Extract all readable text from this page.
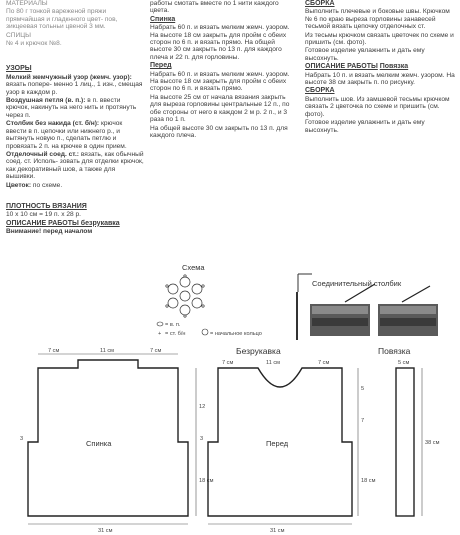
МАТЕРИАЛЫ

По 80 г тонкой вареженой пряжи прямчайшая и гладкнного цвет- пов, зикцеевая тольньи цвеной 3 мм.

СПИЦЫ

№ 4 и крючок №8.

УЗОРЫ

Мелкий жемчужный узор (жемч. узор): вязать попере- менно 1 лиц., 1 изн., смещая узор в каждом р.

Воздушная петля (в. п.): в п. ввести крючок, накинуть на него нить и протянуть через п.

Столбик без накида (ст. б/н): крючок ввести в п. цепочки или нижнего р., и вытянуть новую п., сделать петлю и провязать 2 п. на крючке в один прием.

Отделочный соед. ст.: вязать, как обычный соед. ст. Исполь- зовать для отделки крючок, как декоративный шов, а также для вышивки.

Цветок: по схеме.

ПЛОТНОСТЬ ВЯЗАНИЯ

10 х 10 см = 19 п. х 28 р.

ОПИСАНИЕ РАБОТЫ безрукавка

Внимание! перед началом

работы смотать вместе по 1 нити каждого цвета.

Спинка

Набрать 60 п. и вязать мелким жемч. узором. На высоте 18 см закрыть для пройм с обеих сторон по 6 п. и вязать прямо. На общей высоте 30 см закрыть по 13 п. для каждого плеча и 22 п. для горловины.

Перед

Набрать 60 п. и вязать мелким жемч. узором. На высоте 18 см закрыть для пройм с обеих сторон по 6 п. и вязать прямо.

На высоте 25 см от начала вязания закрыть для выреза горловины центральные 12 п., по обе стороны от него в каждом 2 м р. 2 п., и 3 раза по 1 п.

На общей высоте 30 см закрыть по 13 п. для каждого плеча.

СБОРКА

Выполнить плечевые и боковые швы. Крючком № 6 по краю выреза горловины занавесей тесьмой вязать цепочку отделочных ст.

Из тесьмы крючком связать цветочек по схеме и пришить (см. фото).

Готовое изделие увлажнить и дать ему высохнуть.

ОПИСАНИЕ РАБОТЫ Повязка

Набрать 10 п. и вязать мелким жемч. узором. На высоте 38 см закрыть п. по рисунку.

СБОРКА

Выполнить шов. Из замшевой тесьмы крючком связать 2 цветочка по схеме и пришить (см. фото).

Готовое изделие увлажнить и дать ему высохнуть.

Схема
= в. п.
+ = ст. б/н	= начальное кольцо
Соединительный столбик
Спинка
7 см	11 см	7 см
12
18 см
31 см
3
Безрукавка
Перед
7 см	11 см	7 см
5
7
18 см
31 см
3
Повязка
5 см
38 см
